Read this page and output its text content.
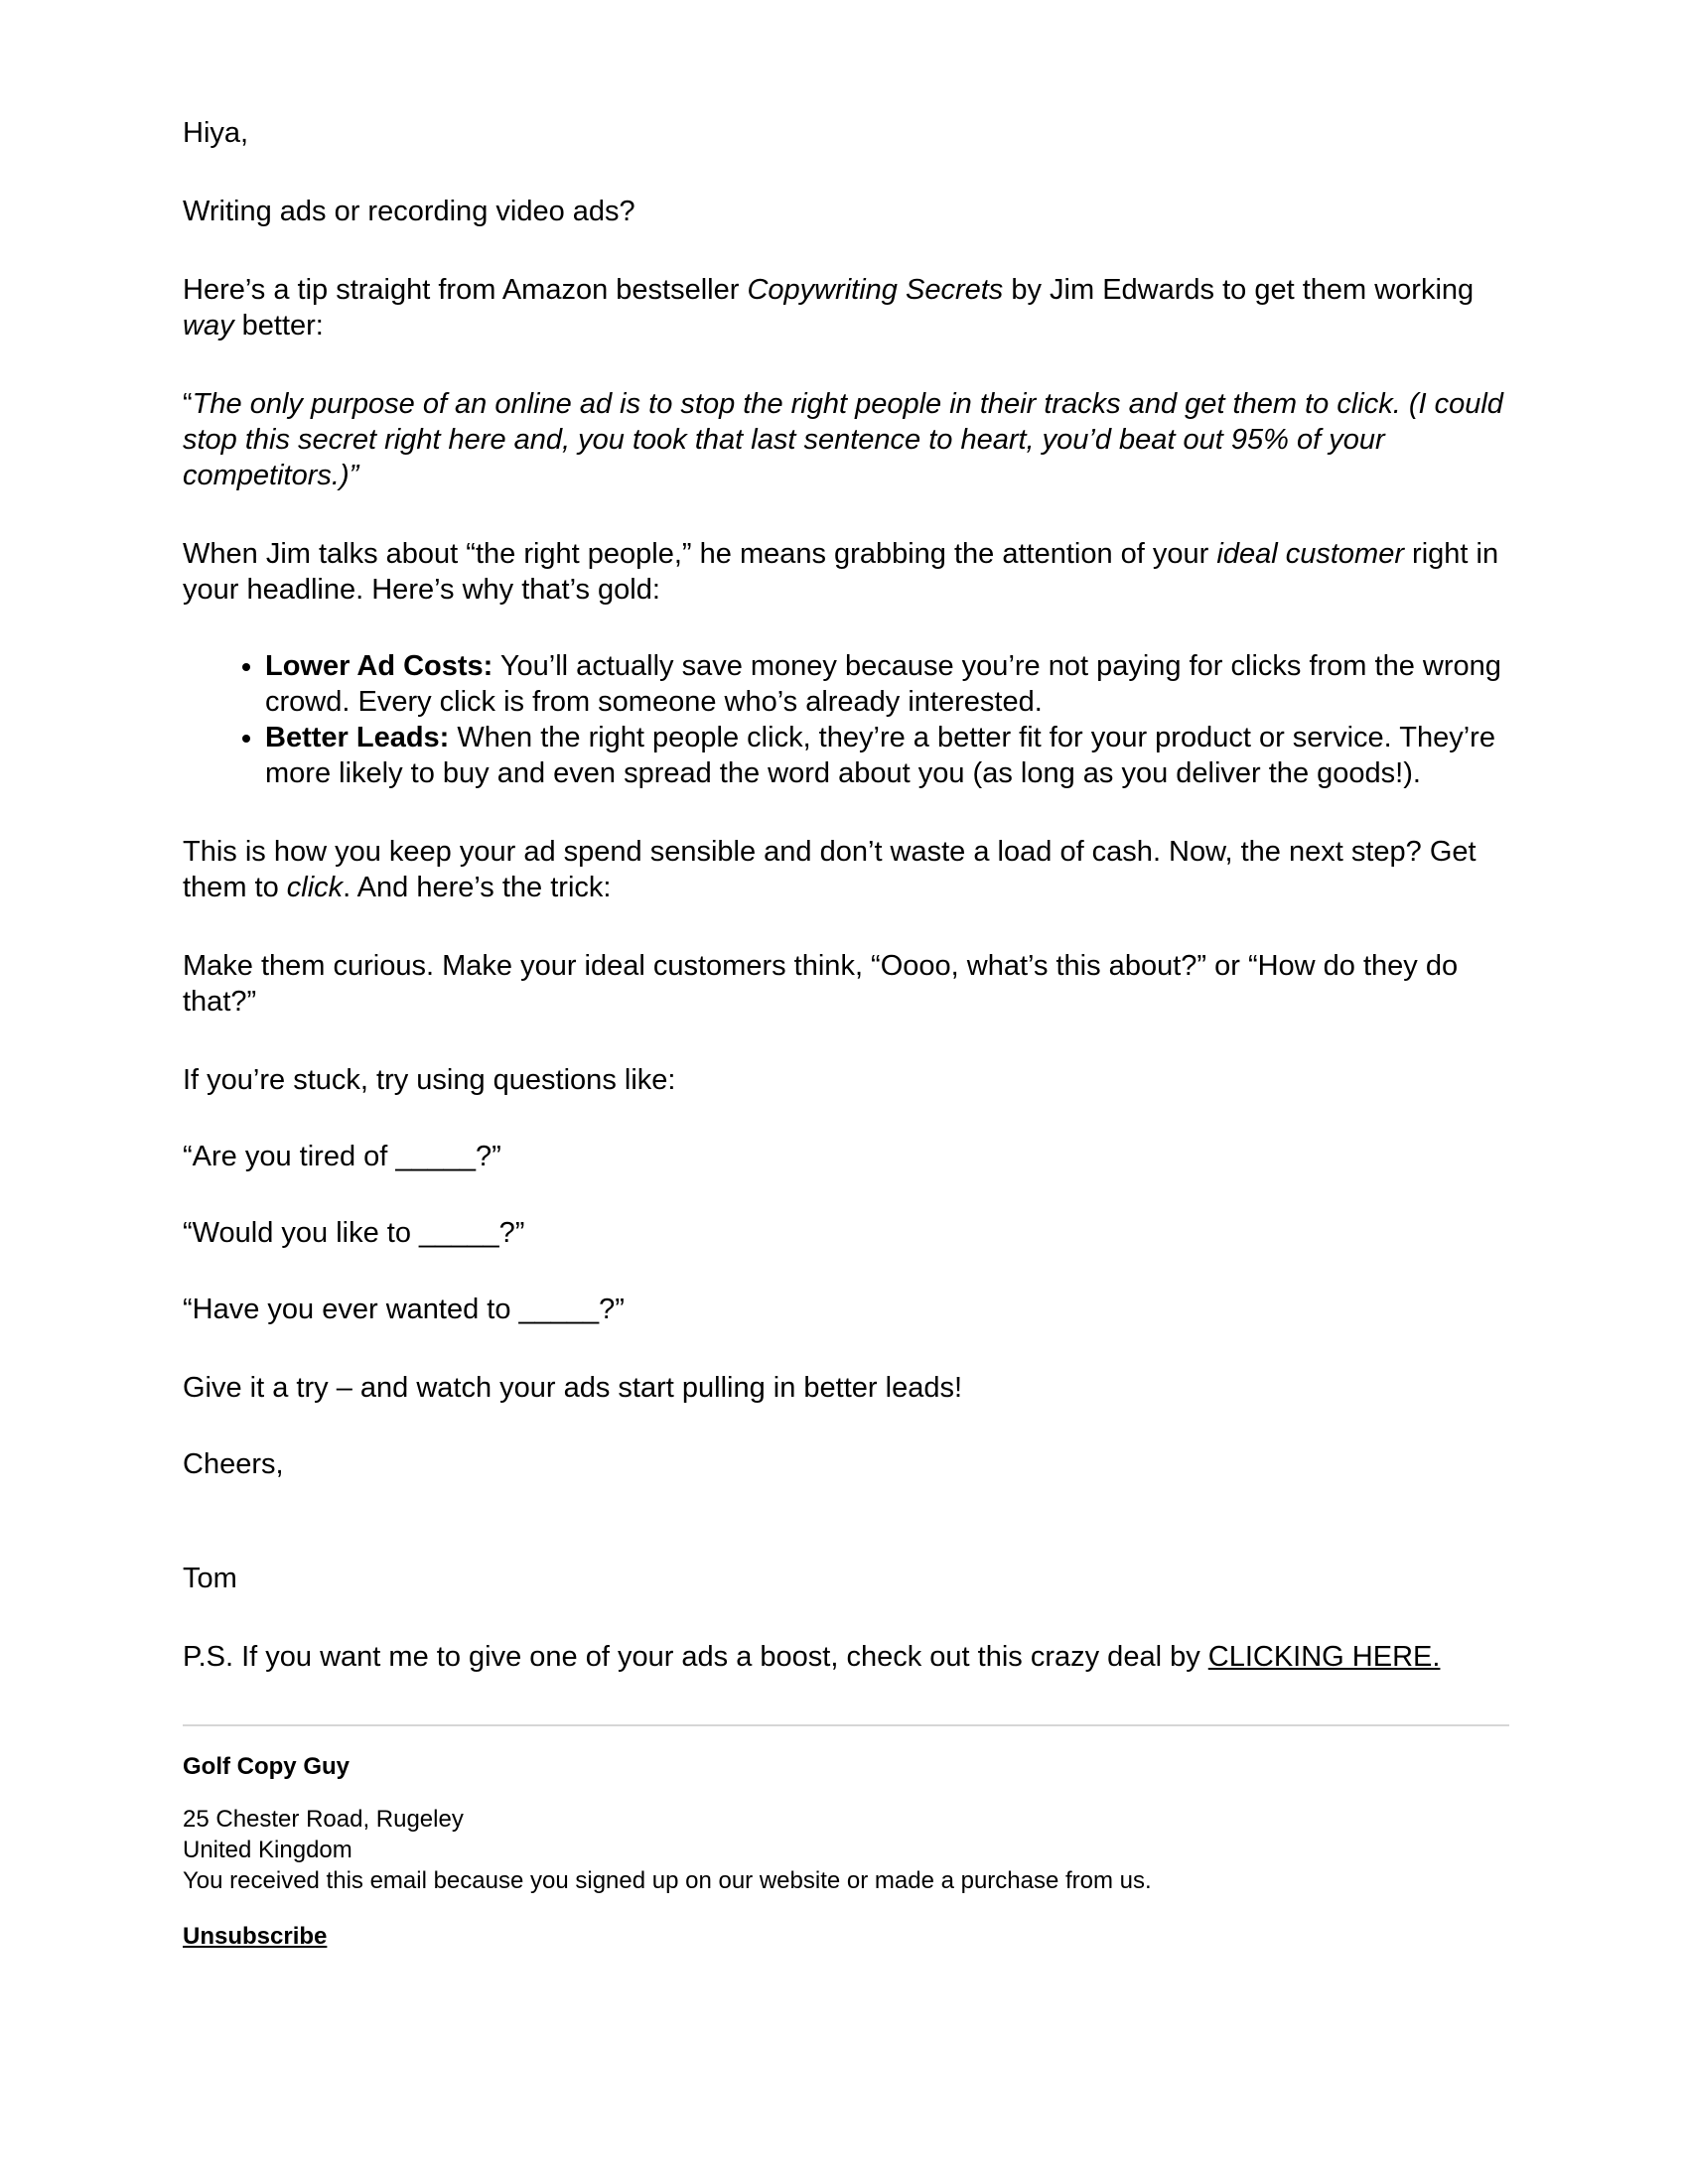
Hiya,

Writing ads or recording video ads?

Here’s a tip straight from Amazon bestseller Copywriting Secrets by Jim Edwards to get them working way better:

“The only purpose of an online ad is to stop the right people in their tracks and get them to click. (I could stop this secret right here and, you took that last sentence to heart, you’d beat out 95% of your competitors.)”

When Jim talks about “the right people,” he means grabbing the attention of your ideal customer right in your headline. Here’s why that’s gold:

• Lower Ad Costs: You’ll actually save money because you’re not paying for clicks from the wrong crowd. Every click is from someone who’s already interested.
• Better Leads: When the right people click, they’re a better fit for your product or service. They’re more likely to buy and even spread the word about you (as long as you deliver the goods!).

This is how you keep your ad spend sensible and don’t waste a load of cash. Now, the next step? Get them to click. And here’s the trick:

Make them curious. Make your ideal customers think, “Oooo, what’s this about?” or “How do they do that?”

If you’re stuck, try using questions like:

“Are you tired of _____?”

“Would you like to _____?”

“Have you ever wanted to _____?”

Give it a try – and watch your ads start pulling in better leads!

Cheers,

Tom

P.S. If you want me to give one of your ads a boost, check out this crazy deal by CLICKING HERE.

Golf Copy Guy
25 Chester Road, Rugeley
United Kingdom
You received this email because you signed up on our website or made a purchase from us.
Unsubscribe
